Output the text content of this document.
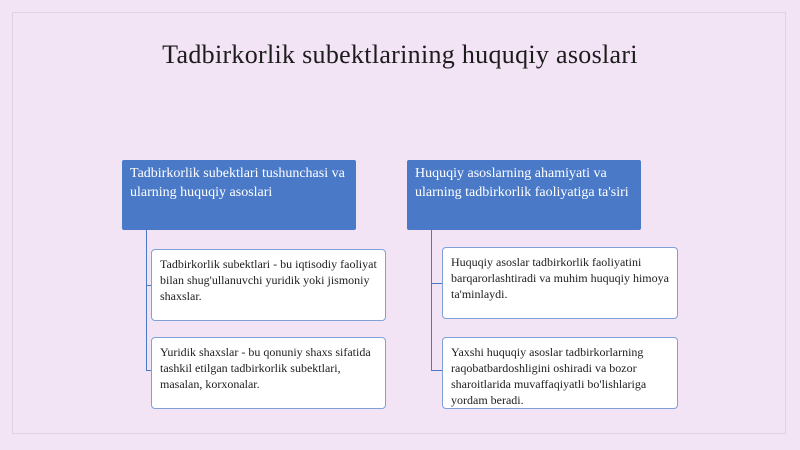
Tadbirkorlik subektlarining huquqiy asoslari
Tadbirkorlik subektlari tushunchasi va ularning huquqiy asoslari
Tadbirkorlik subektlari - bu iqtisodiy faoliyat bilan shug'ullanuvchi yuridik yoki jismoniy shaxslar.
Yuridik shaxslar - bu qonuniy shaxs sifatida tashkil etilgan tadbirkorlik subektlari, masalan, korxonalar.
Huquqiy asoslarning ahamiyati va ularning tadbirkorlik faoliyatiga ta'siri
Huquqiy asoslar tadbirkorlik faoliyatini barqarorlashtiradi va muhim huquqiy himoya ta'minlaydi.
Yaxshi huquqiy asoslar tadbirkorlarning raqobatbardoshligini oshiradi va bozor sharoitlarida muvaffaqiyatli bo'lishlariga yordam beradi.
